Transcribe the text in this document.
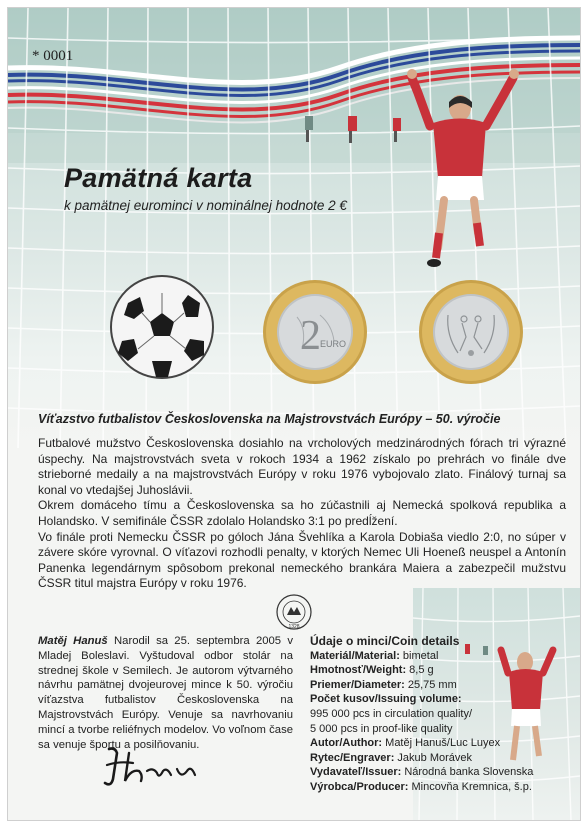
* 0001
Pamätná karta
k pamätnej eurominci v nominálnej hodnote 2 €
2 EURO
Víťazstvo futbalistov Československa na Majstrovstvách Európy – 50. výročie

Futbalové mužstvo Československa dosiahlo na vrcholových medzinárodných fórach tri výrazné úspechy. Na majstrovstvách sveta v rokoch 1934 a 1962 získalo po prehrách vo finále dve strieborné medaily a na majstrovstvách Európy v roku 1976 vybojovalo zlato. Finálový turnaj sa konal vo vtedajšej Juhoslávii.

Okrem domáceho tímu a Československa sa ho zúčastnili aj Nemecká spolková republika a Holandsko. V semifinále ČSSR zdolalo Holandsko 3:1 po predĺžení.

Vo finále proti Nemecku ČSSR po góloch Jána Švehlíka a Karola Dobiaša viedlo 2:0, no súper v závere skóre vyrovnal. O víťazovi rozhodli penalty, v ktorých Nemec Uli Hoeneß neuspel a Antonín Panenka legendárnym spôsobom prekonal nemeckého brankára Maiera a zabezpečil mužstvu ČSSR titul majstra Európy v roku 1976.

1328
Matěj Hanuš Narodil sa 25. septembra 2005 v Mladej Boleslavi. Vyštudoval odbor stolár na strednej škole v Semilech. Je autorom výtvarného návrhu pamätnej dvojeurovej mince k 50. výročiu víťazstva futbalistov Československa na Majstrovstvách Európy. Venuje sa navrhovaniu mincí a tvorbe reliéfnych modelov. Vo voľnom čase sa venuje športu a posilňovaniu.
Údaje o minci/Coin details
Materiál/Material: bimetal
Hmotnosť/Weight: 8,5 g
Priemer/Diameter: 25,75 mm
Počet kusov/Issuing volume:
995 000 pcs in circulation quality/
5 000 pcs in proof-like quality
Autor/Author: Matěj Hanuš/Luc Luyex
Rytec/Engraver: Jakub Morávek
Vydavateľ/Issuer: Národná banka Slovenska
Výrobca/Producer: Mincovňa Kremnica, š.p.
